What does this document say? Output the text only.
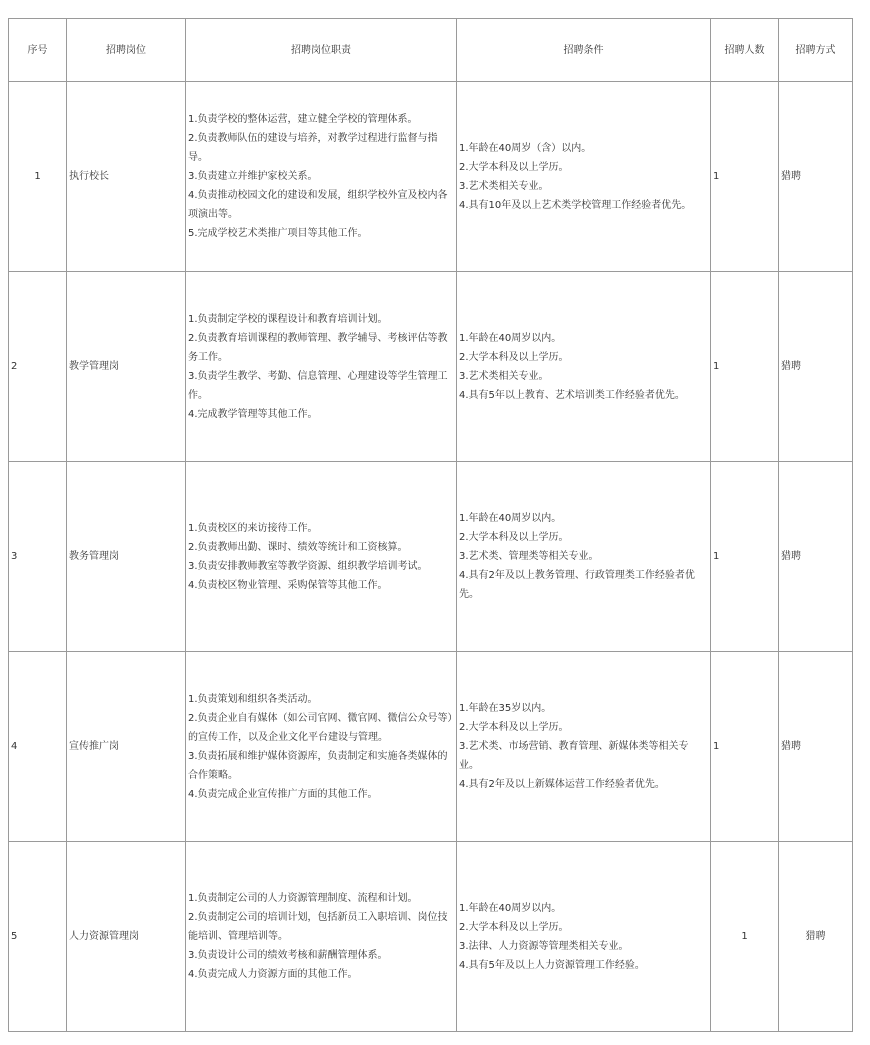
序号	招聘岗位	招聘岗位职责	招聘条件	招聘人数	招聘方式
1	执行校长	1.负责学校的整体运营，建立健全学校的管理体系。
2.负责教师队伍的建设与培养，对教学过程进行监督与指导。
3.负责建立并维护家校关系。
4.负责推动校园文化的建设和发展，组织学校外宣及校内各项演出等。
5.完成学校艺术类推广项目等其他工作。	1.年龄在40周岁（含）以内。
2.大学本科及以上学历。
3.艺术类相关专业。
4.具有10年及以上艺术类学校管理工作经验者优先。	1	猎聘
2	教学管理岗	1.负责制定学校的课程设计和教育培训计划。
2.负责教育培训课程的教师管理、教学辅导、考核评估等教务工作。
3.负责学生教学、考勤、信息管理、心理建设等学生管理工作。
4.完成教学管理等其他工作。	1.年龄在40周岁以内。
2.大学本科及以上学历。
3.艺术类相关专业。
4.具有5年以上教育、艺术培训类工作经验者优先。	1	猎聘
3	教务管理岗	1.负责校区的来访接待工作。
2.负责教师出勤、课时、绩效等统计和工资核算。
3.负责安排教师教室等教学资源、组织教学培训考试。
4.负责校区物业管理、采购保管等其他工作。	1.年龄在40周岁以内。
2.大学本科及以上学历。
3.艺术类、管理类等相关专业。
4.具有2年及以上教务管理、行政管理类工作经验者优先。	1	猎聘
4	宣传推广岗	1.负责策划和组织各类活动。
2.负责企业自有媒体（如公司官网、微官网、微信公众号等）的宣传工作，以及企业文化平台建设与管理。
3.负责拓展和维护媒体资源库，负责制定和实施各类媒体的合作策略。
4.负责完成企业宣传推广方面的其他工作。	1.年龄在35岁以内。
2.大学本科及以上学历。
3.艺术类、市场营销、教育管理、新媒体类等相关专业。
4.具有2年及以上新媒体运营工作经验者优先。	1	猎聘
5	人力资源管理岗	1.负责制定公司的人力资源管理制度、流程和计划。
2.负责制定公司的培训计划，包括新员工入职培训、岗位技能培训、管理培训等。
3.负责设计公司的绩效考核和薪酬管理体系。
4.负责完成人力资源方面的其他工作。	1.年龄在40周岁以内。
2.大学本科及以上学历。
3.法律、人力资源等管理类相关专业。
4.具有5年及以上人力资源管理工作经验。	1	猎聘
